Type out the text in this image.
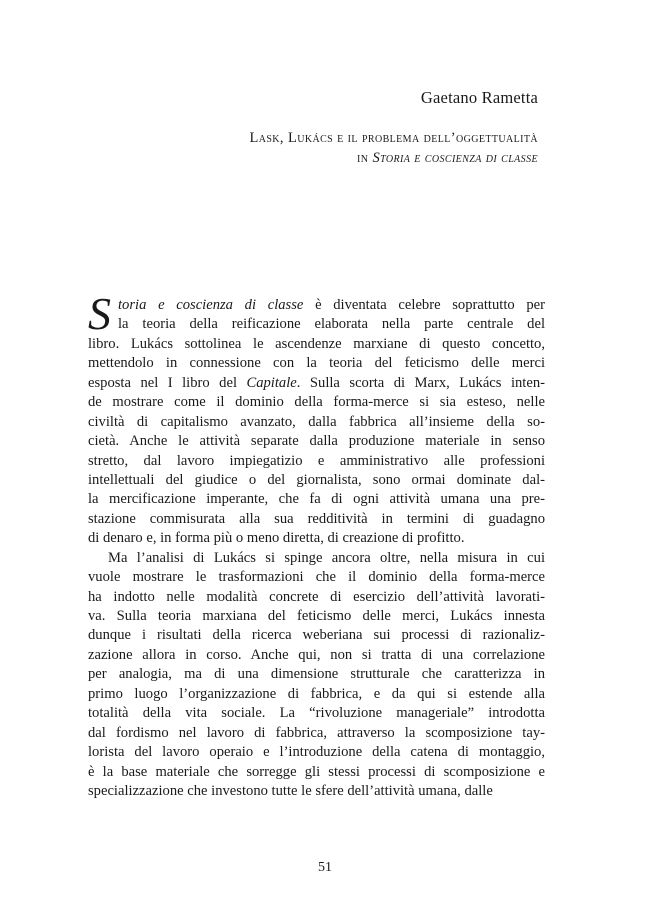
Gaetano Rametta
Lask, Lukács e il problema dell’oggettualità
in Storia e coscienza di classe
S toria e coscienza di classe è diventata celebre soprattutto per
la teoria della reificazione elaborata nella parte centrale del
libro. Lukács sottolinea le ascendenze marxiane di questo concetto,
mettendolo in connessione con la teoria del feticismo delle merci
esposta nel I libro del Capitale. Sulla scorta di Marx, Lukács inten-
de mostrare come il dominio della forma-merce si sia esteso, nelle
civiltà di capitalismo avanzato, dalla fabbrica all’insieme della so-
cietà. Anche le attività separate dalla produzione materiale in senso
stretto, dal lavoro impiegatizio e amministrativo alle professioni
intellettuali del giudice o del giornalista, sono ormai dominate dal-
la mercificazione imperante, che fa di ogni attività umana una pre-
stazione commisurata alla sua redditività in termini di guadagno
di denaro e, in forma più o meno diretta, di creazione di profitto.
Ma l’analisi di Lukács si spinge ancora oltre, nella misura in cui
vuole mostrare le trasformazioni che il dominio della forma-merce
ha indotto nelle modalità concrete di esercizio dell’attività lavorati-
va. Sulla teoria marxiana del feticismo delle merci, Lukács innesta
dunque i risultati della ricerca weberiana sui processi di razionaliz-
zazione allora in corso. Anche qui, non si tratta di una correlazione
per analogia, ma di una dimensione strutturale che caratterizza in
primo luogo l’organizzazione di fabbrica, e da qui si estende alla
totalità della vita sociale. La “rivoluzione manageriale” introdotta
dal fordismo nel lavoro di fabbrica, attraverso la scomposizione tay-
lorista del lavoro operaio e l’introduzione della catena di montaggio,
è la base materiale che sorregge gli stessi processi di scomposizione e
specializzazione che investono tutte le sfere dell’attività umana, dalle
51
